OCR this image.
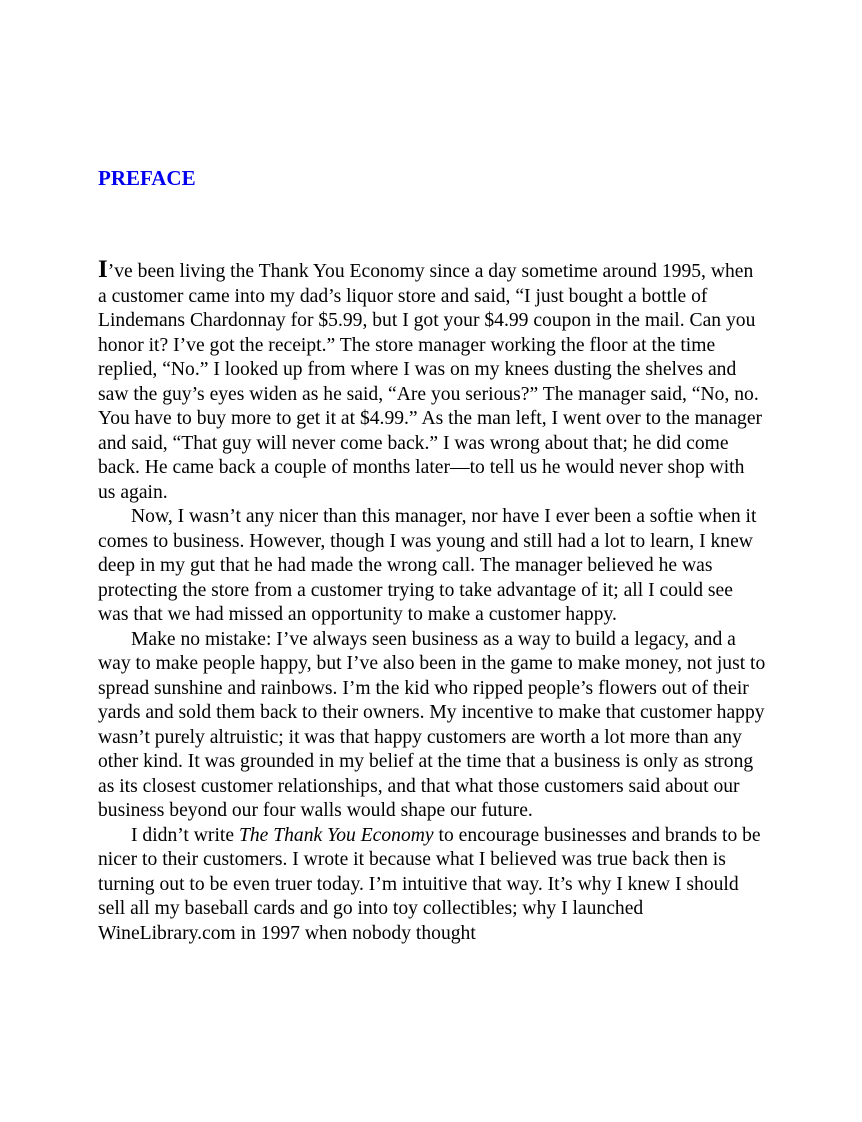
PREFACE

I’ve been living the Thank You Economy since a day sometime around 1995, when a customer came into my dad’s liquor store and said, “I just bought a bottle of Lindemans Chardonnay for $5.99, but I got your $4.99 coupon in the mail. Can you honor it? I’ve got the receipt.” The store manager working the floor at the time replied, “No.” I looked up from where I was on my knees dusting the shelves and saw the guy’s eyes widen as he said, “Are you serious?” The manager said, “No, no. You have to buy more to get it at $4.99.” As the man left, I went over to the manager and said, “That guy will never come back.” I was wrong about that; he did come back. He came back a couple of months later—to tell us he would never shop with us again.

Now, I wasn’t any nicer than this manager, nor have I ever been a softie when it comes to business. However, though I was young and still had a lot to learn, I knew deep in my gut that he had made the wrong call. The manager believed he was protecting the store from a customer trying to take advantage of it; all I could see was that we had missed an opportunity to make a customer happy.

Make no mistake: I’ve always seen business as a way to build a legacy, and a way to make people happy, but I’ve also been in the game to make money, not just to spread sunshine and rainbows. I’m the kid who ripped people’s flowers out of their yards and sold them back to their owners. My incentive to make that customer happy wasn’t purely altruistic; it was that happy customers are worth a lot more than any other kind. It was grounded in my belief at the time that a business is only as strong as its closest customer relationships, and that what those customers said about our business beyond our four walls would shape our future.

I didn’t write The Thank You Economy to encourage businesses and brands to be nicer to their customers. I wrote it because what I believed was true back then is turning out to be even truer today. I’m intuitive that way. It’s why I knew I should sell all my baseball cards and go into toy collectibles; why I launched WineLibrary.com in 1997 when nobody thought
